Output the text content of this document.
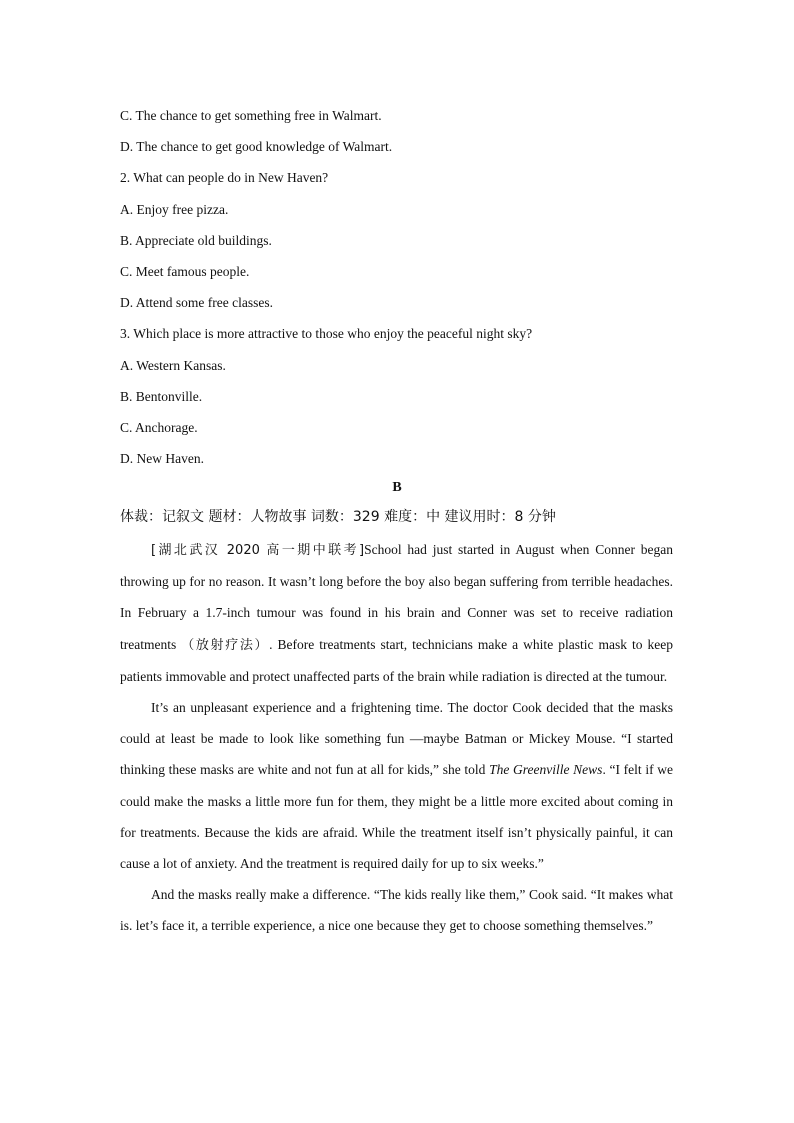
C. The chance to get something free in Walmart.
D. The chance to get good knowledge of Walmart.
2. What can people do in New Haven?
A. Enjoy free pizza.
B. Appreciate old buildings.
C. Meet famous people.
D. Attend some free classes.
3. Which place is more attractive to those who enjoy the peaceful night sky?
A. Western Kansas.
B. Bentonville.
C. Anchorage.
D. New Haven.
B
体裁：记叙文 题材：人物故事 词数：329 难度：中 建议用时：8 分钟

[湖北武汉 2020 高一期中联考]School had just started in August when Conner began throwing up for no reason. It wasn’t long before the boy also began suffering from terrible headaches. In February a 1.7-inch tumour was found in his brain and Conner was set to receive radiation treatments （放射疗法）. Before treatments start, technicians make a white plastic mask to keep patients immovable and protect unaffected parts of the brain while radiation is directed at the tumour.

It’s an unpleasant experience and a frightening time. The doctor Cook decided that the masks could at least be made to look like something fun —maybe Batman or Mickey Mouse. “I started thinking these masks are white and not fun at all for kids,” she told The Greenville News. “I felt if we could make the masks a little more fun for them, they might be a little more excited about coming in for treatments. Because the kids are afraid. While the treatment itself isn’t physically painful, it can cause a lot of anxiety. And the treatment is required daily for up to six weeks.”

And the masks really make a difference. “The kids really like them,” Cook said. “It makes what is. let’s face it, a terrible experience, a nice one because they get to choose something themselves.”
